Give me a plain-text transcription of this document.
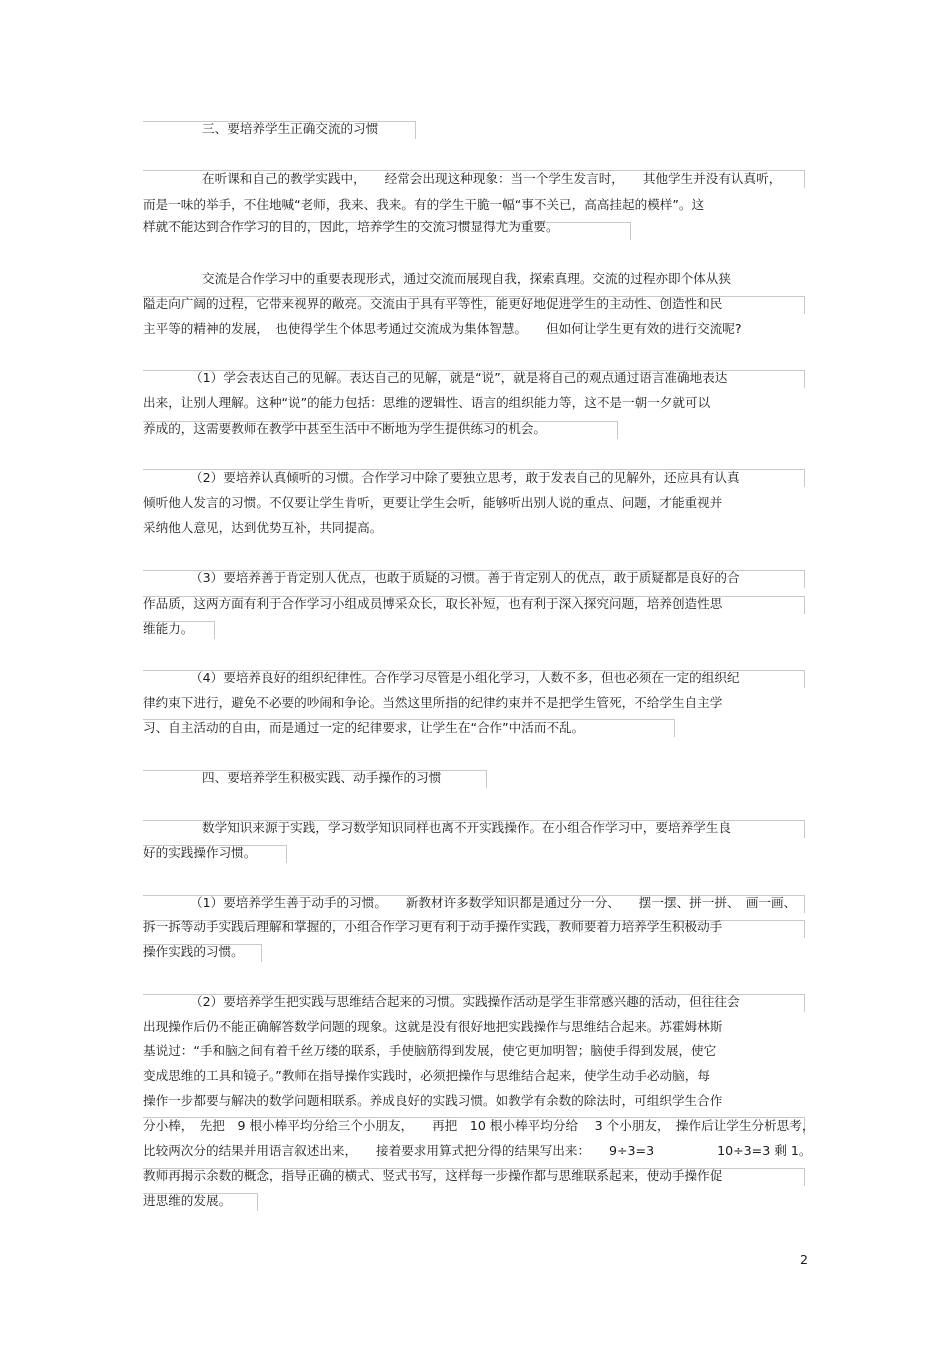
三、要培养学生正确交流的习惯
在听课和自己的教学实践中，　　经常会出现这种现象：当一个学生发言时，　　其他学生并没有认真听，
而是一味的举手，不住地喊“老师，我来、我来。有的学生干脆一幅“事不关已，高高挂起的模样”。这
样就不能达到合作学习的目的，因此，培养学生的交流习惯显得尤为重要。
交流是合作学习中的重要表现形式，通过交流而展现自我，探索真理。交流的过程亦即个体从狭
隘走向广阔的过程，它带来视界的敞亮。交流由于具有平等性，能更好地促进学生的主动性、创造性和民
主平等的精神的发展，　也使得学生个体思考通过交流成为集体智慧。　　但如何让学生更有效的进行交流呢?
（1）学会表达自己的见解。表达自己的见解，就是“说”，就是将自己的观点通过语言准确地表达
出来，让别人理解。这种“说”的能力包括：思维的逻辑性、语言的组织能力等，这不是一朝一夕就可以
养成的，这需要教师在教学中甚至生活中不断地为学生提供练习的机会。
（2）要培养认真倾听的习惯。合作学习中除了要独立思考，敢于发表自己的见解外，还应具有认真
倾听他人发言的习惯。不仅要让学生肯听，更要让学生会听，能够听出别人说的重点、问题，才能重视并
采纳他人意见，达到优势互补，共同提高。
（3）要培养善于肯定别人优点，也敢于质疑的习惯。善于肯定别人的优点，敢于质疑都是良好的合
作品质，这两方面有利于合作学习小组成员博采众长，取长补短，也有利于深入探究问题，培养创造性思
维能力。
（4）要培养良好的组织纪律性。合作学习尽管是小组化学习，人数不多，但也必须在一定的组织纪
律约束下进行，避免不必要的吵闹和争论。当然这里所指的纪律约束并不是把学生管死，不给学生自主学
习、自主活动的自由，而是通过一定的纪律要求，让学生在“合作”中活而不乱。
四、要培养学生积极实践、动手操作的习惯
数学知识来源于实践，学习数学知识同样也离不开实践操作。在小组合作学习中，要培养学生良
好的实践操作习惯。
（1）要培养学生善于动手的习惯。　　新教材许多数学知识都是通过分一分、　　摆一摆、拼一拼、　画一画、
拆一拆等动手实践后理解和掌握的，小组合作学习更有利于动手操作实践，教师要着力培养学生积极动手
操作实践的习惯。
（2）要培养学生把实践与思维结合起来的习惯。实践操作活动是学生非常感兴趣的活动，但往往会
出现操作后仍不能正确解答数学问题的现象。这就是没有很好地把实践操作与思维结合起来。苏霍姆林斯
基说过：“手和脑之间有着千丝万缕的联系，手使脑筋得到发展，使它更加明智；脑使手得到发展，使它
变成思维的工具和镜子。”教师在指导操作实践时，必须把操作与思维结合起来，使学生动手必动脑，每
操作一步都要与解决的数学问题相联系。养成良好的实践习惯。如教学有余数的除法时，可组织学生合作
分小棒，　先把　9 根小棒平均分给三个小朋友，　　再把　10 根小棒平均分给　 3 个小朋友，　操作后让学生分析思考，
比较两次分的结果并用语言叙述出来，　　接着要求用算式把分得的结果写出来：　　9÷3=3　　　　　10÷3=3 剩 1。
教师再揭示余数的概念，指导正确的横式、竖式书写，这样每一步操作都与思维联系起来，使动手操作促
进思维的发展。
2
